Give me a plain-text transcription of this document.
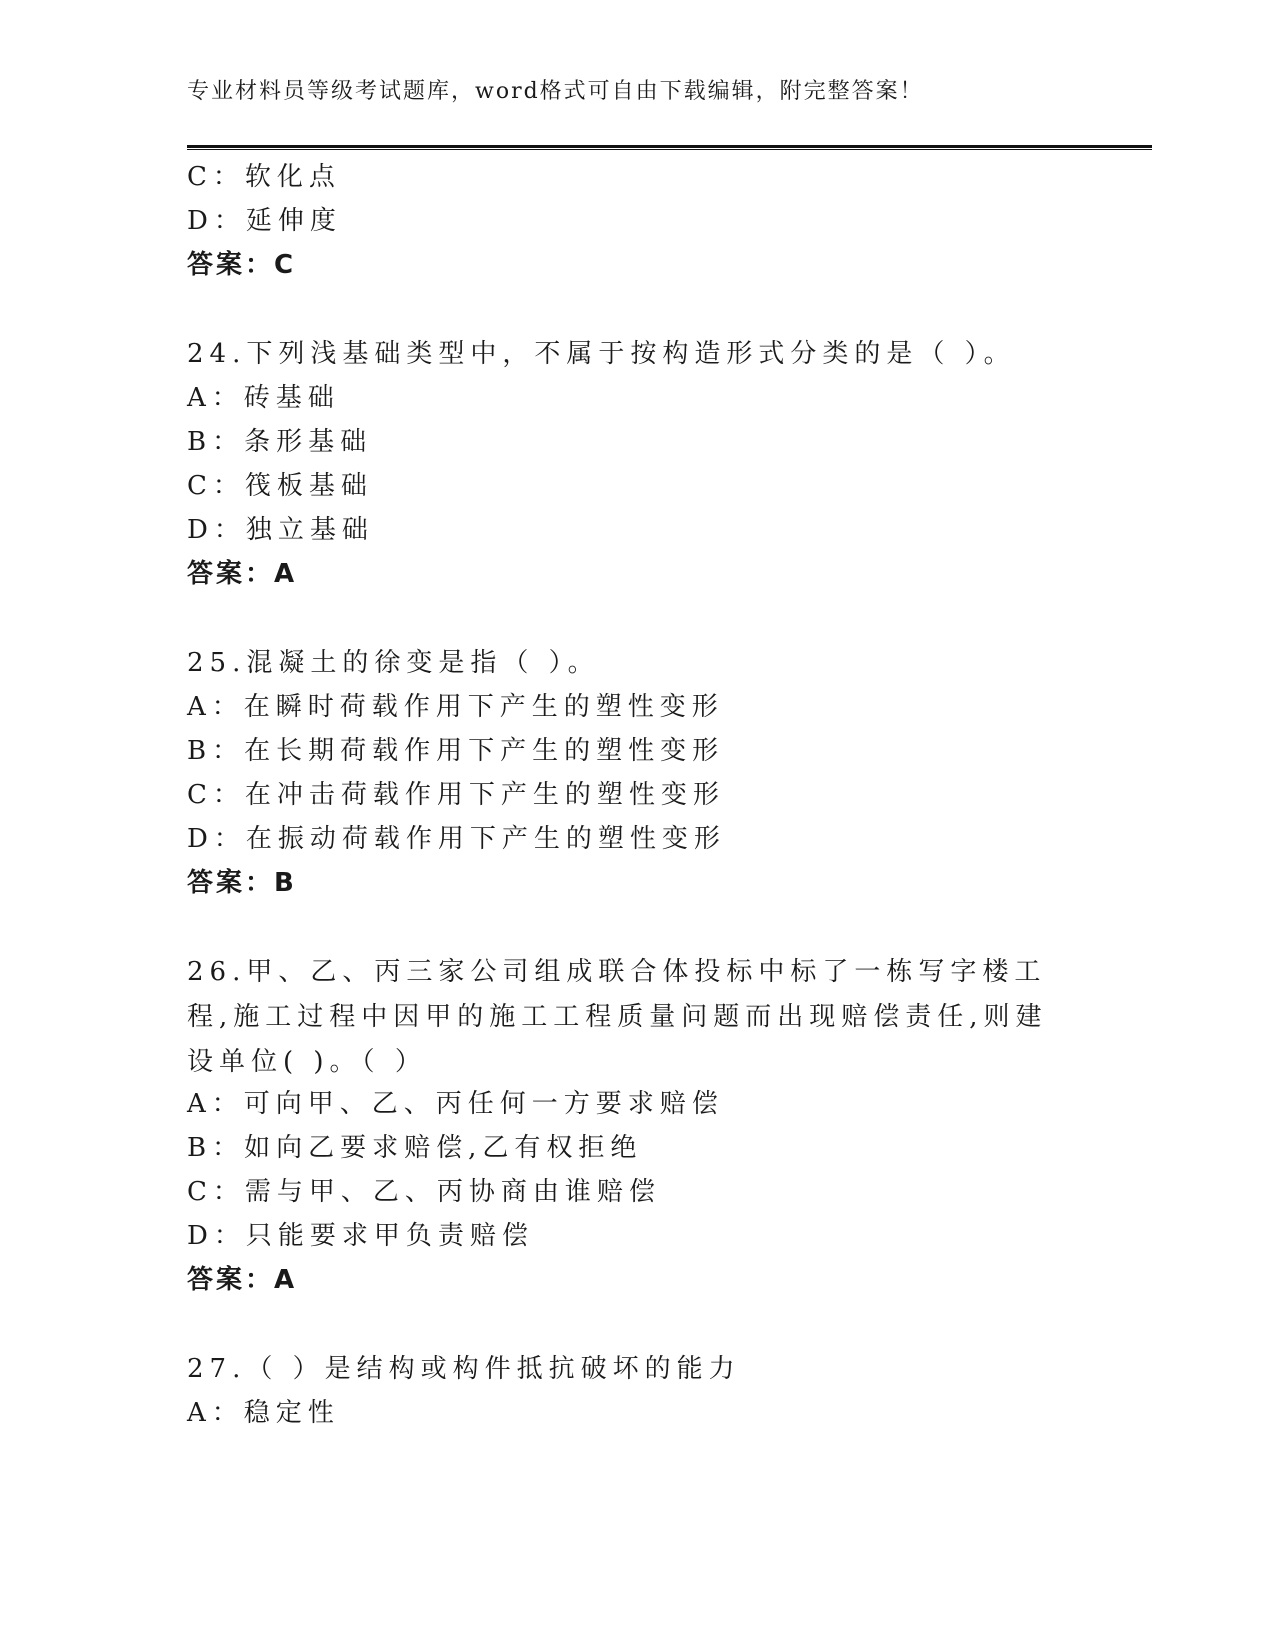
专业材料员等级考试题库，word格式可自由下载编辑，附完整答案！
C：软化点
D：延伸度
答案：C
24.下列浅基础类型中，不属于按构造形式分类的是（ ）。
A：砖基础
B：条形基础
C：筏板基础
D：独立基础
答案：A
25.混凝土的徐变是指（ ）。
A：在瞬时荷载作用下产生的塑性变形
B：在长期荷载作用下产生的塑性变形
C：在冲击荷载作用下产生的塑性变形
D：在振动荷载作用下产生的塑性变形
答案：B
26.甲、乙、丙三家公司组成联合体投标中标了一栋写字楼工程,施工过程中因甲的施工工程质量问题而出现赔偿责任,则建设单位( )。（ ）
A：可向甲、乙、丙任何一方要求赔偿
B：如向乙要求赔偿,乙有权拒绝
C：需与甲、乙、丙协商由谁赔偿
D：只能要求甲负责赔偿
答案：A
27.（ ）是结构或构件抵抗破坏的能力
A：稳定性
